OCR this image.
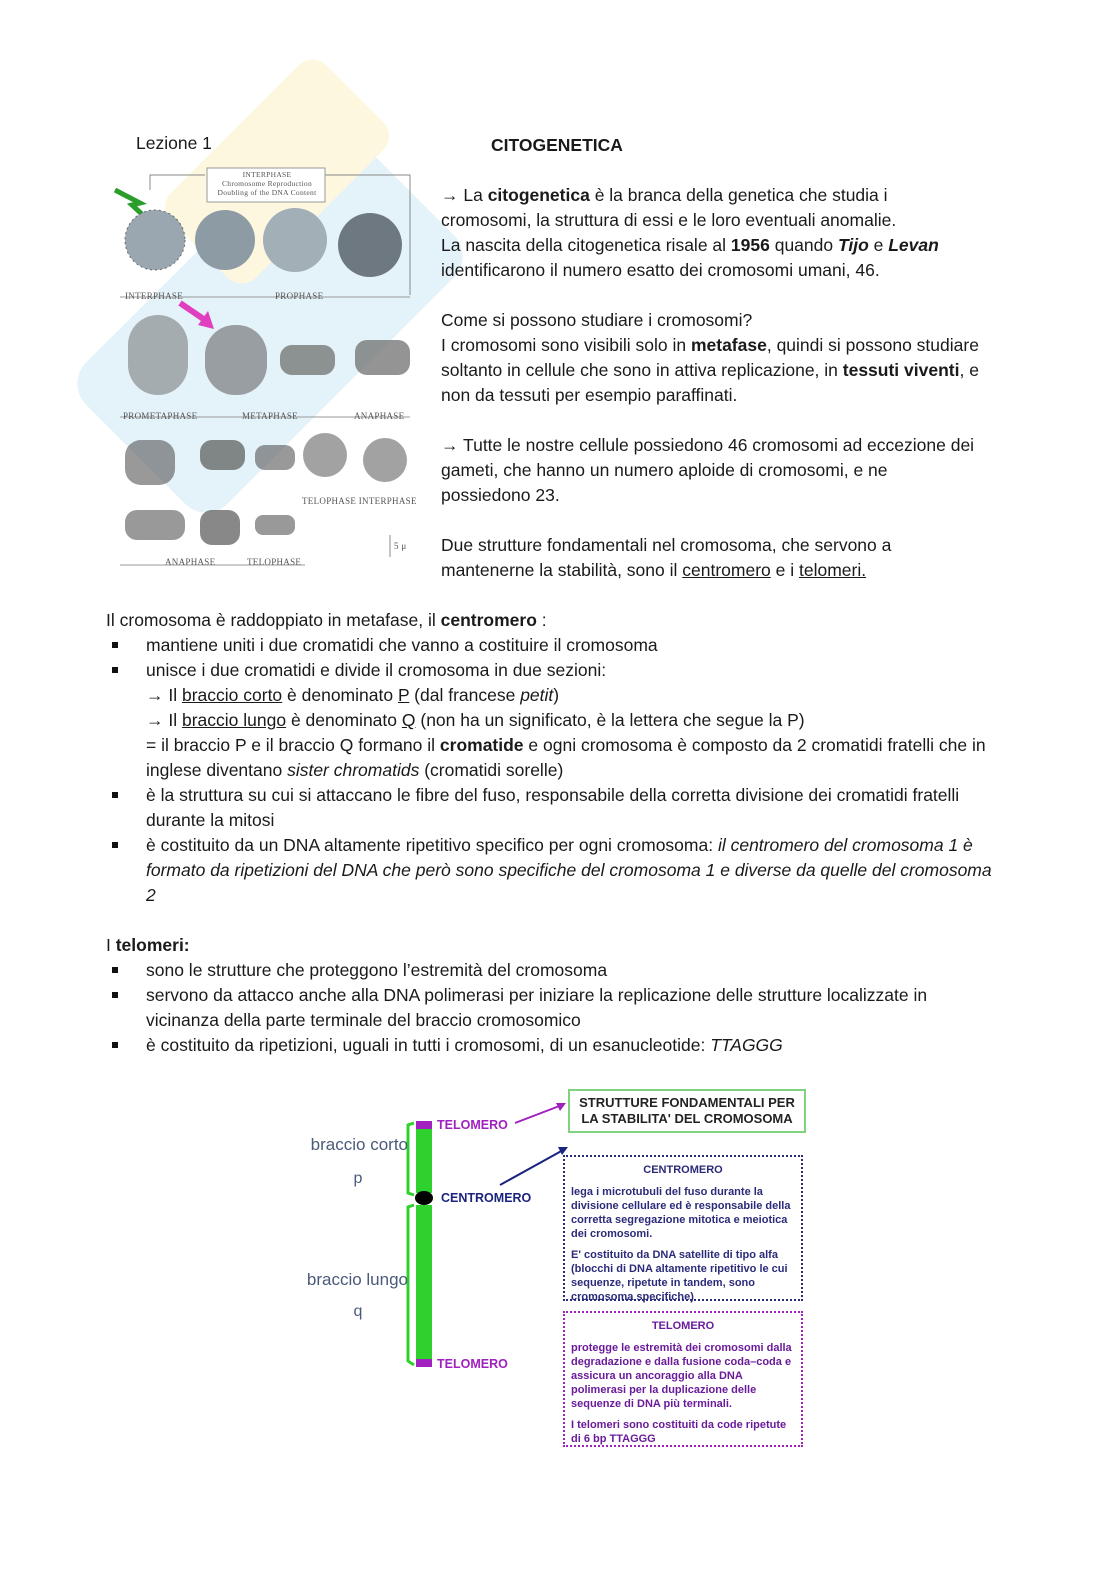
Lezione 1	CITOGENETICA
INTERPHASE
Chromosome Reproduction
Doubling of the DNA Content
INTERPHASE	PROPHASE
PROMETAPHASE	METAPHASE	ANAPHASE
TELOPHASE INTERPHASE
ANAPHASE	TELOPHASE
5 μ
→ La citogenetica è la branca della genetica che studia i cromosomi, la struttura di essi e le loro eventuali anomalie.
La nascita della citogenetica risale al 1956 quando Tijo e Levan identificarono il numero esatto dei cromosomi umani, 46.
Come si possono studiare i cromosomi?
I cromosomi sono visibili solo in metafase, quindi si possono studiare soltanto in cellule che sono in attiva replicazione, in tessuti viventi, e non da tessuti per esempio paraffinati.
→ Tutte le nostre cellule possiedono 46 cromosomi ad eccezione dei gameti, che hanno un numero aploide di cromosomi, e ne possiedono 23.
Due strutture fondamentali nel cromosoma, che servono a mantenerne la stabilità, sono il centromero e i telomeri.
Il cromosoma è raddoppiato in metafase, il centromero :
mantiene uniti i due cromatidi che vanno a costituire il cromosoma
unisce i due cromatidi e divide il cromosoma in due sezioni:
→ Il braccio corto è denominato P (dal francese petit)
→ Il braccio lungo è denominato Q (non ha un significato, è la lettera che segue la P)
= il braccio P e il braccio Q formano il cromatide e ogni cromosoma è composto da 2 cromatidi fratelli che in inglese diventano sister chromatids (cromatidi sorelle)
è la struttura su cui si attaccano le fibre del fuso, responsabile della corretta divisione dei cromatidi fratelli durante la mitosi
è costituito da un DNA altamente ripetitivo specifico per ogni cromosoma: il centromero del cromosoma 1 è formato da ripetizioni del DNA che però sono specifiche del cromosoma 1 e diverse da quelle del cromosoma 2
I telomeri:
sono le strutture che proteggono l’estremità del cromosoma
servono da attacco anche alla DNA polimerasi per iniziare la replicazione delle strutture localizzate in vicinanza della parte terminale del braccio cromosomico
è costituito da ripetizioni, uguali in tutti i cromosomi, di un esanucleotide: TTAGGG
braccio corto
p
braccio lungo
q
TELOMERO
CENTROMERO
TELOMERO
STRUTTURE FONDAMENTALI PER LA STABILITA' DEL CROMOSOMA
CENTROMERO
lega i microtubuli del fuso durante la divisione cellulare ed è responsabile della corretta segregazione mitotica e meiotica dei cromosomi.
E' costituito da DNA satellite di tipo alfa (blocchi di DNA altamente ripetitivo le cui sequenze, ripetute in tandem, sono cromosoma specifiche)
TELOMERO
protegge le estremità dei cromosomi dalla degradazione e dalla fusione coda–coda e assicura un ancoraggio alla DNA polimerasi per la duplicazione delle sequenze di DNA più terminali.
I telomeri sono costituiti da code ripetute di 6 bp TTAGGG
